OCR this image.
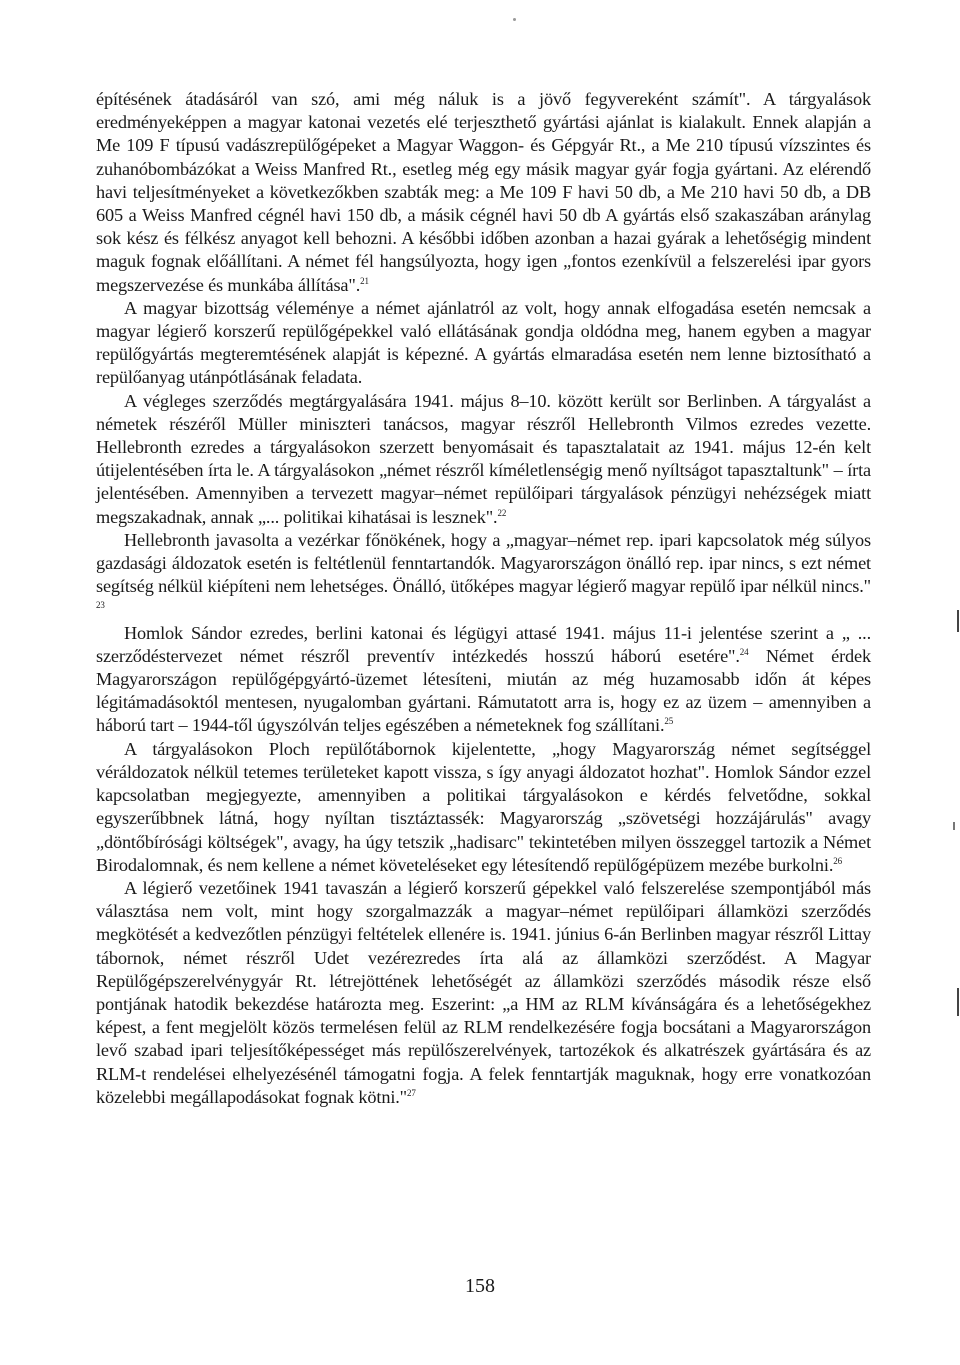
építésének átadásáról van szó, ami még náluk is a jövő fegyvereként számít". A tárgyalások eredményeképpen a magyar katonai vezetés elé terjeszthető gyártási ajánlat is kialakult. Ennek alapján a Me 109 F típusú vadászrepülőgépeket a Magyar Waggon- és Gépgyár Rt., a Me 210 típusú vízszintes és zuhanóbombázókat a Weiss Manfred Rt., esetleg még egy másik magyar gyár fogja gyártani. Az elérendő havi teljesítményeket a következőkben szabták meg: a Me 109 F havi 50 db, a Me 210 havi 50 db, a DB 605 a Weiss Manfred cégnél havi 150 db, a másik cégnél havi 50 db A gyártás első szakaszában aránylag sok kész és félkész anyagot kell behozni. A későbbi időben azonban a hazai gyárak a lehetőségig mindent maguk fognak előállítani. A német fél hangsúlyozta, hogy igen „fontos ezenkívül a felszerelési ipar gyors megszervezése és munkába állítása".$^{21}$

A magyar bizottság véleménye a német ajánlatról az volt, hogy annak elfogadása esetén nemcsak a magyar légierő korszerű repülőgépekkel való ellátásának gondja oldódna meg, hanem egyben a magyar repülőgyártás megteremtésének alapját is képezné. A gyártás elmaradása esetén nem lenne biztosítható a repülőanyag utánpótlásának feladata.

A végleges szerződés megtárgyalására 1941. május 8–10. között került sor Berlinben. A tárgyalást a németek részéről Müller miniszteri tanácsos, magyar részről Hellebronth Vilmos ezredes vezette. Hellebronth ezredes a tárgyalásokon szerzett benyomásait és tapasztalatait az 1941. május 12-én kelt útijelentésében írta le. A tárgyalásokon „német részről kíméletlenségig menő nyíltságot tapasztaltunk" – írta jelentésében. Amennyiben a tervezett magyar–német repülőipari tárgyalások pénzügyi nehézségek miatt megszakadnak, annak „... politikai kihatásai is lesznek".$^{22}$

Hellebronth javasolta a vezérkar főnökének, hogy a „magyar–német rep. ipari kapcsolatok még súlyos gazdasági áldozatok esetén is feltétlenül fenntartandók. Magyarországon önálló rep. ipar nincs, s ezt német segítség nélkül kiépíteni nem lehetséges. Önálló, ütőképes magyar légierő magyar repülő ipar nélkül nincs." $^{23}$

Homlok Sándor ezredes, berlini katonai és légügyi attasé 1941. május 11-i jelentése szerint a „ ... szerződéstervezet német részről preventív intézkedés hosszú háború esetére".$^{24}$ Német érdek Magyarországon repülőgépgyártó-üzemet létesíteni, miután az még huzamosabb időn át képes légitámadásoktól mentesen, nyugalomban gyártani. Rámutatott arra is, hogy ez az üzem – amennyiben a háború tart – 1944-től úgyszólván teljes egészében a németeknek fog szállítani.$^{25}$

A tárgyalásokon Ploch repülőtábornok kijelentette, „hogy Magyarország német segítséggel véráldozatok nélkül tetemes területeket kapott vissza, s így anyagi áldozatot hozhat". Homlok Sándor ezzel kapcsolatban megjegyezte, amennyiben a politikai tárgyalásokon e kérdés felvetődne, sokkal egyszerűbbnek látná, hogy nyíltan tisztáztassék: Magyarország „szövetségi hozzájárulás" avagy „döntőbírósági költségek", avagy, ha úgy tetszik „hadisarc" tekintetében milyen összeggel tartozik a Német Birodalomnak, és nem kellene a német követeléseket egy létesítendő repülőgépüzem mezébe burkolni.$^{26}$

A légierő vezetőinek 1941 tavaszán a légierő korszerű gépekkel való felszerelése szempontjából más választása nem volt, mint hogy szorgalmazzák a magyar–német repülőipari államközi szerződés megkötését a kedvezőtlen pénzügyi feltételek ellenére is. 1941. június 6-án Berlinben magyar részről Littay tábornok, német részről Udet vezérezredes írta alá az államközi szerződést. A Magyar Repülőgépszerelvénygyár Rt. létrejöttének lehetőségét az államközi szerződés második része első pontjának hatodik bekezdése határozta meg. Eszerint: „a HM az RLM kívánságára és a lehetőségekhez képest, a fent megjelölt közös termelésen felül az RLM rendelkezésére fogja bocsátani a Magyarországon levő szabad ipari teljesítőképességet más repülőszerelvények, tartozékok és alkatrészek gyártására és az RLM-t rendelései elhelyezésénél támogatni fogja. A felek fenntartják maguknak, hogy erre vonatkozóan közelebbi megállapodásokat fognak kötni."$^{27}$

158
